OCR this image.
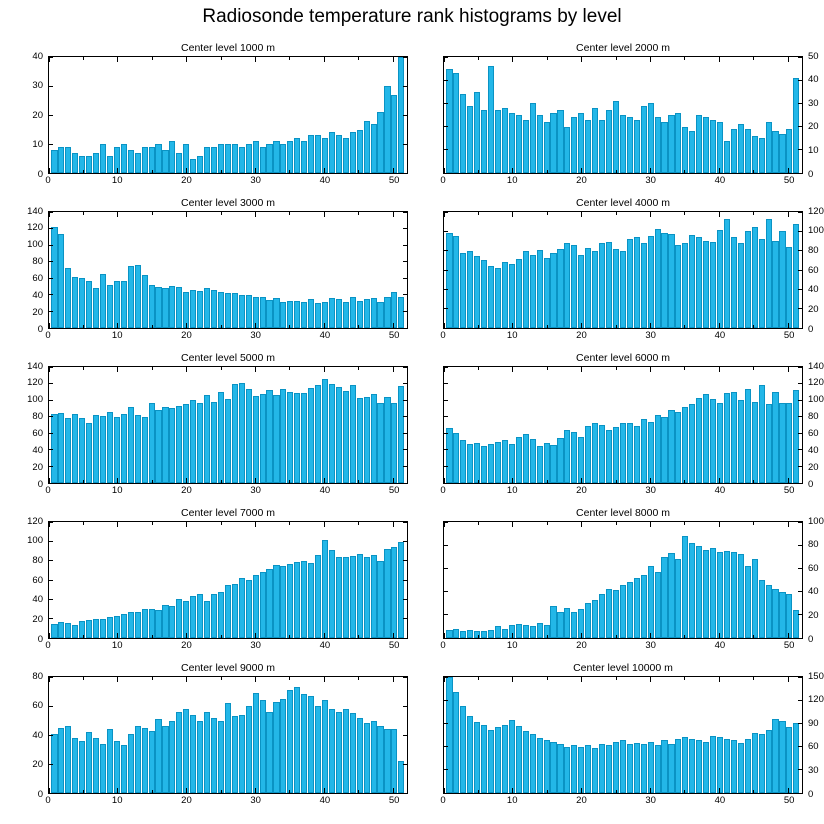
Radiosonde temperature rank histograms by level
Center level 1000 m
0
10
20
30
40
0	10	20	30	40	50
Center level 2000 m
0
10
20
30
40
50
0	10	20	30	40	50
Center level 3000 m
0
20
40
60
80
100
120
140
0	10	20	30	40	50
Center level 4000 m
0
20
40
60
80
100
120
0	10	20	30	40	50
Center level 5000 m
0
20
40
60
80
100
120
140
0	10	20	30	40	50
Center level 6000 m
0
20
40
60
80
100
120
140
0	10	20	30	40	50
Center level 7000 m
0
20
40
60
80
100
120
0	10	20	30	40	50
Center level 8000 m
0
20
40
60
80
100
0	10	20	30	40	50
Center level 9000 m
0
20
40
60
80
0	10	20	30	40	50
Center level 10000 m
0
30
60
90
120
150
0	10	20	30	40	50
